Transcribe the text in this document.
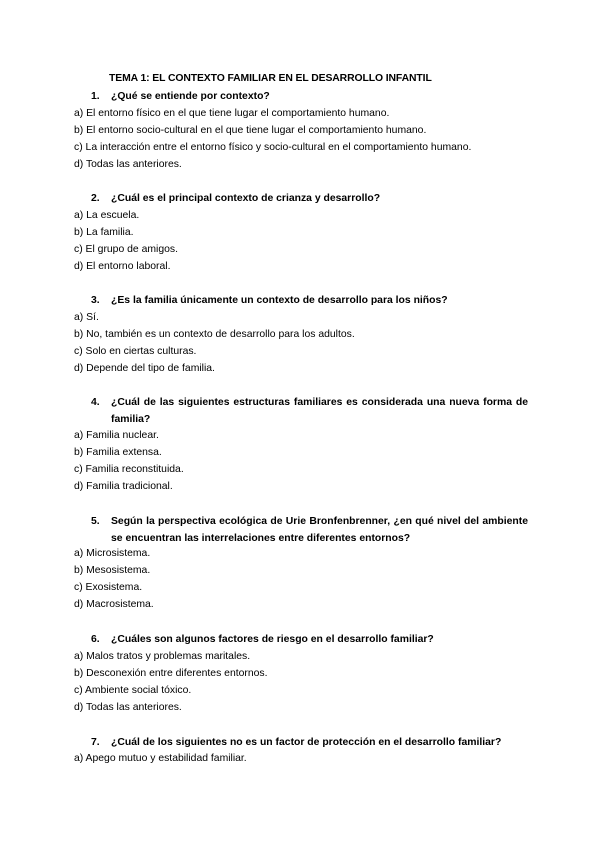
TEMA 1: EL CONTEXTO FAMILIAR EN EL DESARROLLO INFANTIL
1.	¿Qué se entiende por contexto?
a) El entorno físico en el que tiene lugar el comportamiento humano.
b) El entorno socio-cultural en el que tiene lugar el comportamiento humano.
c) La interacción entre el entorno físico y socio-cultural en el comportamiento humano.
d) Todas las anteriores.
2.	¿Cuál es el principal contexto de crianza y desarrollo?
a) La escuela.
b) La familia.
c) El grupo de amigos.
d) El entorno laboral.
3.	¿Es la familia únicamente un contexto de desarrollo para los niños?
a) Sí.
b) No, también es un contexto de desarrollo para los adultos.
c) Solo en ciertas culturas.
d) Depende del tipo de familia.
4.	¿Cuál de las siguientes estructuras familiares es considerada una nueva forma de familia?
a) Familia nuclear.
b) Familia extensa.
c) Familia reconstituida.
d) Familia tradicional.
5.	Según la perspectiva ecológica de Urie Bronfenbrenner, ¿en qué nivel del ambiente se encuentran las interrelaciones entre diferentes entornos?
a) Microsistema.
b) Mesosistema.
c) Exosistema.
d) Macrosistema.
6.	¿Cuáles son algunos factores de riesgo en el desarrollo familiar?
a) Malos tratos y problemas maritales.
b) Desconexión entre diferentes entornos.
c) Ambiente social tóxico.
d) Todas las anteriores.
7.	¿Cuál de los siguientes no es un factor de protección en el desarrollo familiar?
a) Apego mutuo y estabilidad familiar.
